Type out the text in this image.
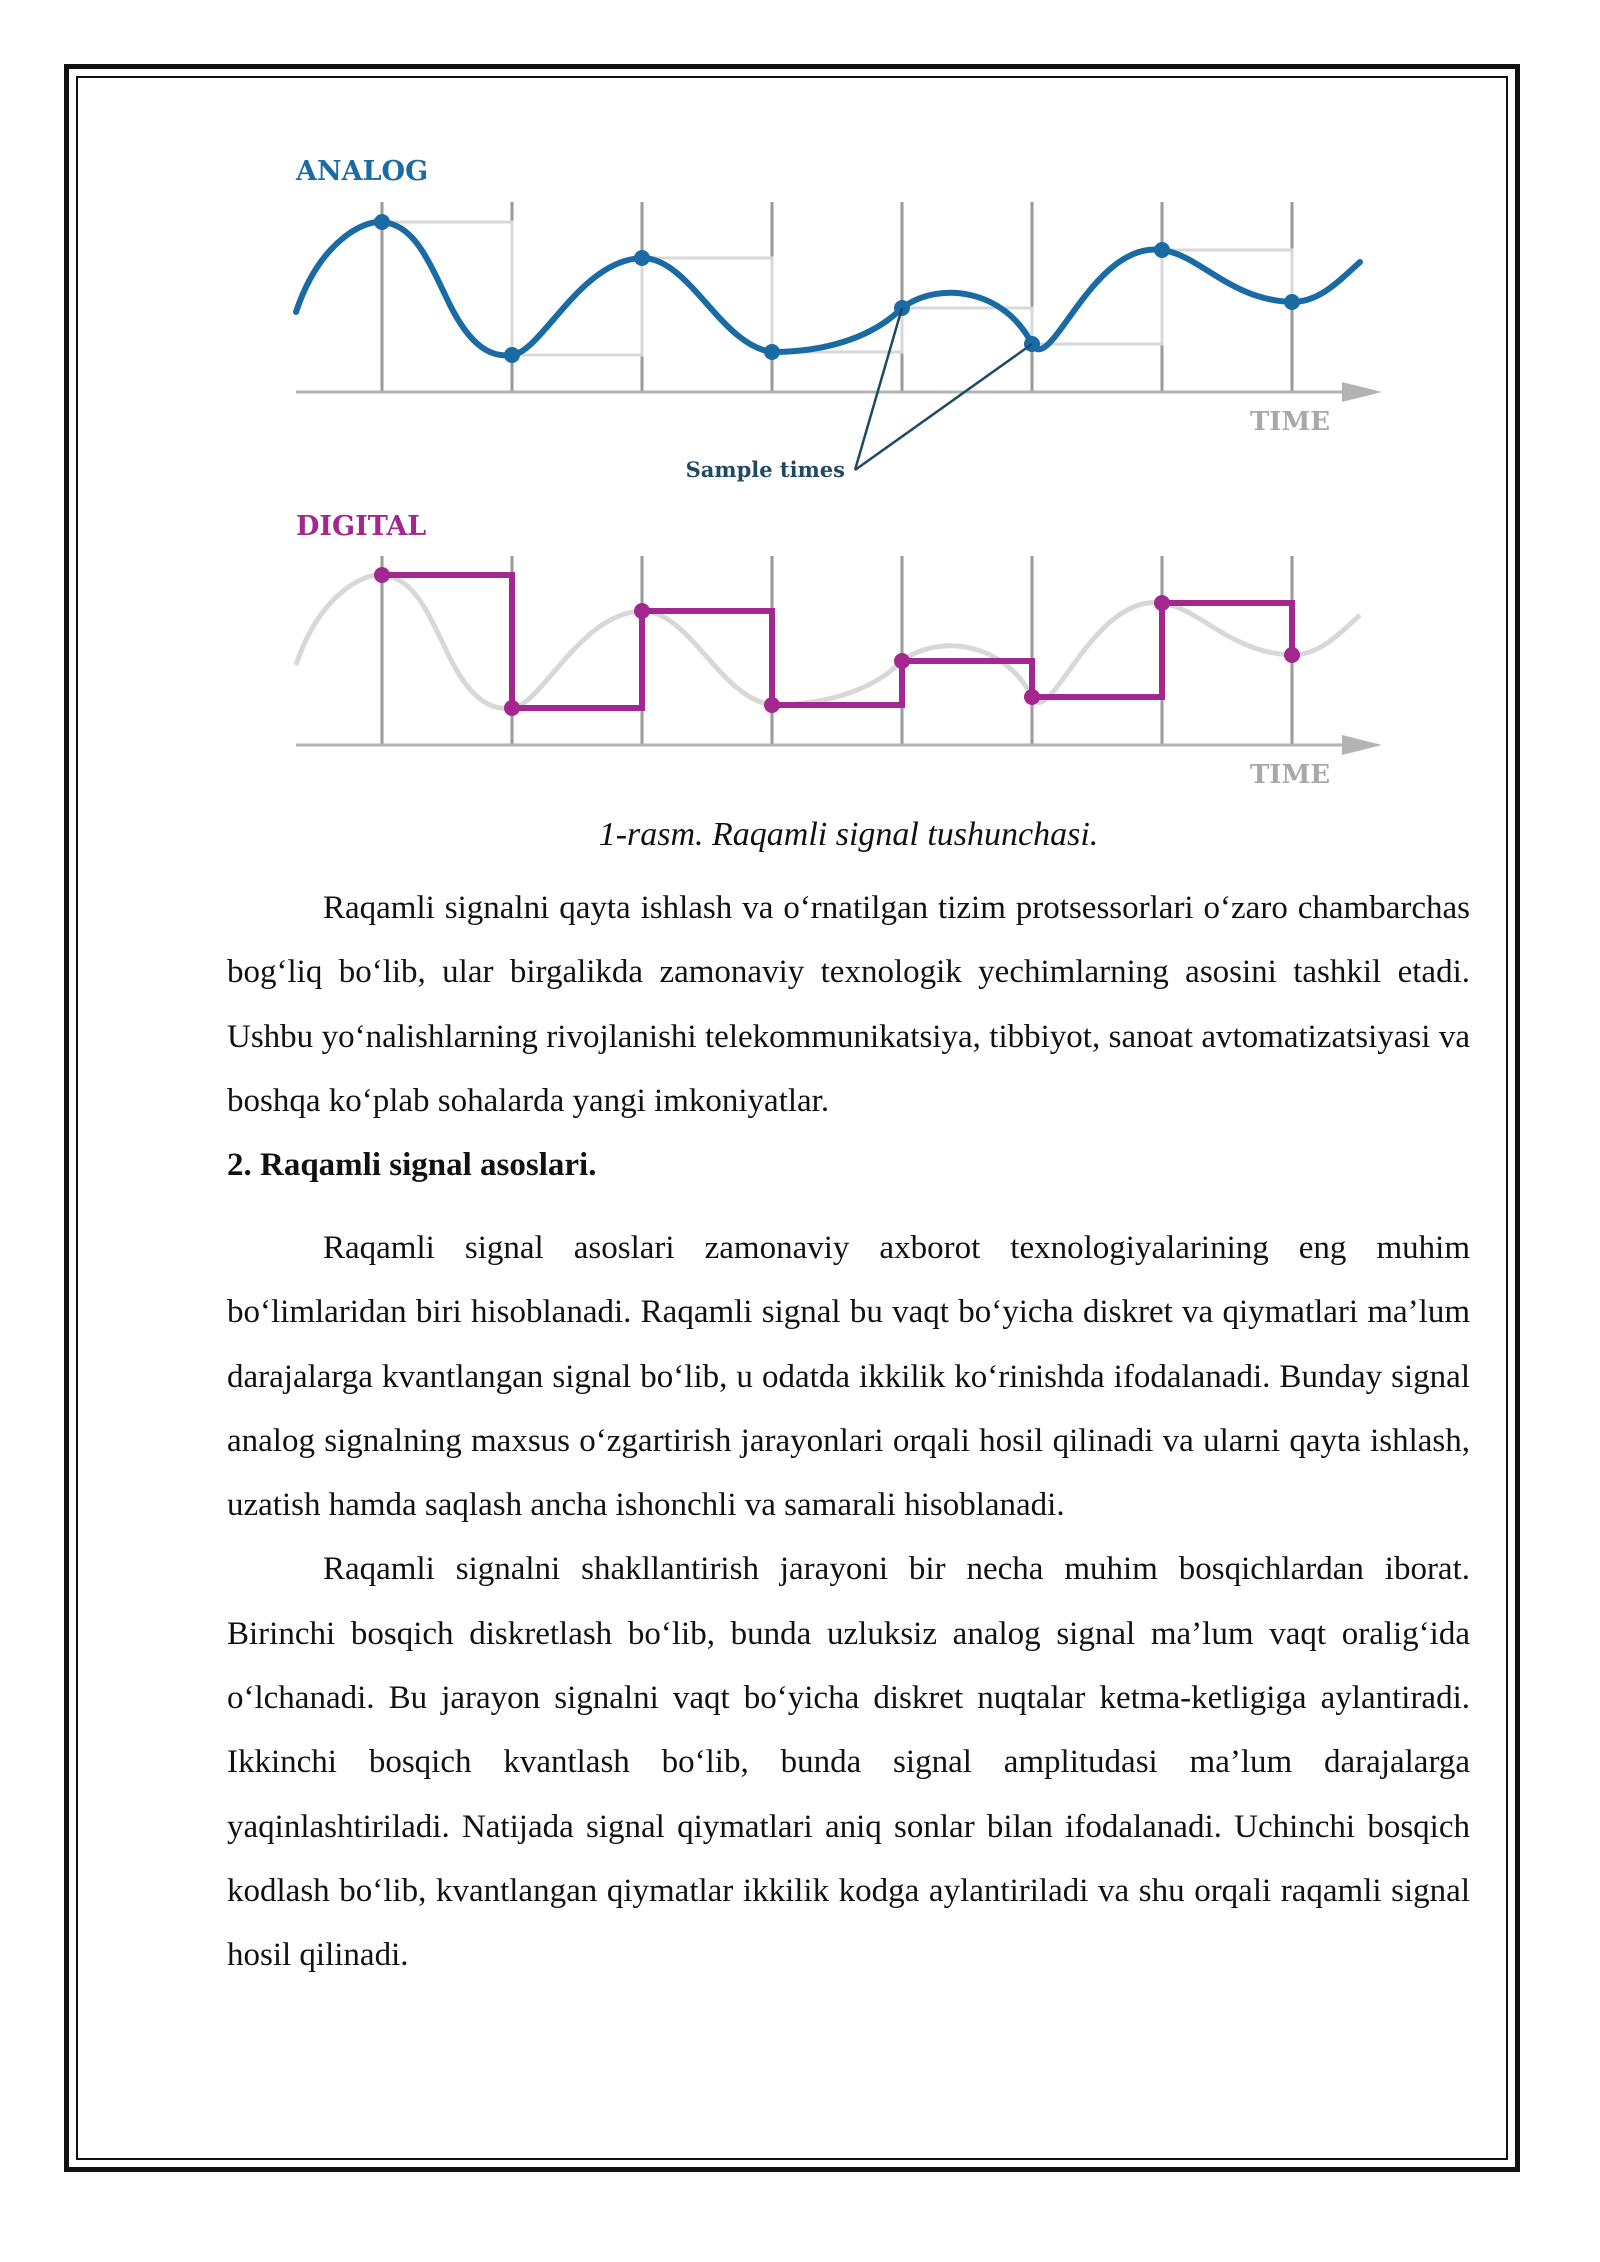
ANALOG
TIME
Sample times
DIGITAL
TIME
1-rasm. Raqamli signal tushunchasi.

Raqamli signalni qayta ishlash va o‘rnatilgan tizim protsessorlari o‘zaro chambarchas bog‘liq bo‘lib, ular birgalikda zamonaviy texnologik yechimlarning asosini tashkil etadi. Ushbu yo‘nalishlarning rivojlanishi telekommunikatsiya, tibbiyot, sanoat avtomatizatsiyasi va boshqa ko‘plab sohalarda yangi imkoniyatlar.

2. Raqamli signal asoslari.

Raqamli signal asoslari zamonaviy axborot texnologiyalarining eng muhim bo‘limlaridan biri hisoblanadi. Raqamli signal bu vaqt bo‘yicha diskret va qiymatlari ma’lum darajalarga kvantlangan signal bo‘lib, u odatda ikkilik ko‘rinishda ifodalanadi. Bunday signal analog signalning maxsus o‘zgartirish jarayonlari orqali hosil qilinadi va ularni qayta ishlash, uzatish hamda saqlash ancha ishonchli va samarali hisoblanadi.

Raqamli signalni shakllantirish jarayoni bir necha muhim bosqichlardan iborat. Birinchi bosqich diskretlash bo‘lib, bunda uzluksiz analog signal ma’lum vaqt oralig‘ida o‘lchanadi. Bu jarayon signalni vaqt bo‘yicha diskret nuqtalar ketma-ketligiga aylantiradi. Ikkinchi bosqich kvantlash bo‘lib, bunda signal amplitudasi ma’lum darajalarga yaqinlashtiriladi. Natijada signal qiymatlari aniq sonlar bilan ifodalanadi. Uchinchi bosqich kodlash bo‘lib, kvantlangan qiymatlar ikkilik kodga aylantiriladi va shu orqali raqamli signal hosil qilinadi.
